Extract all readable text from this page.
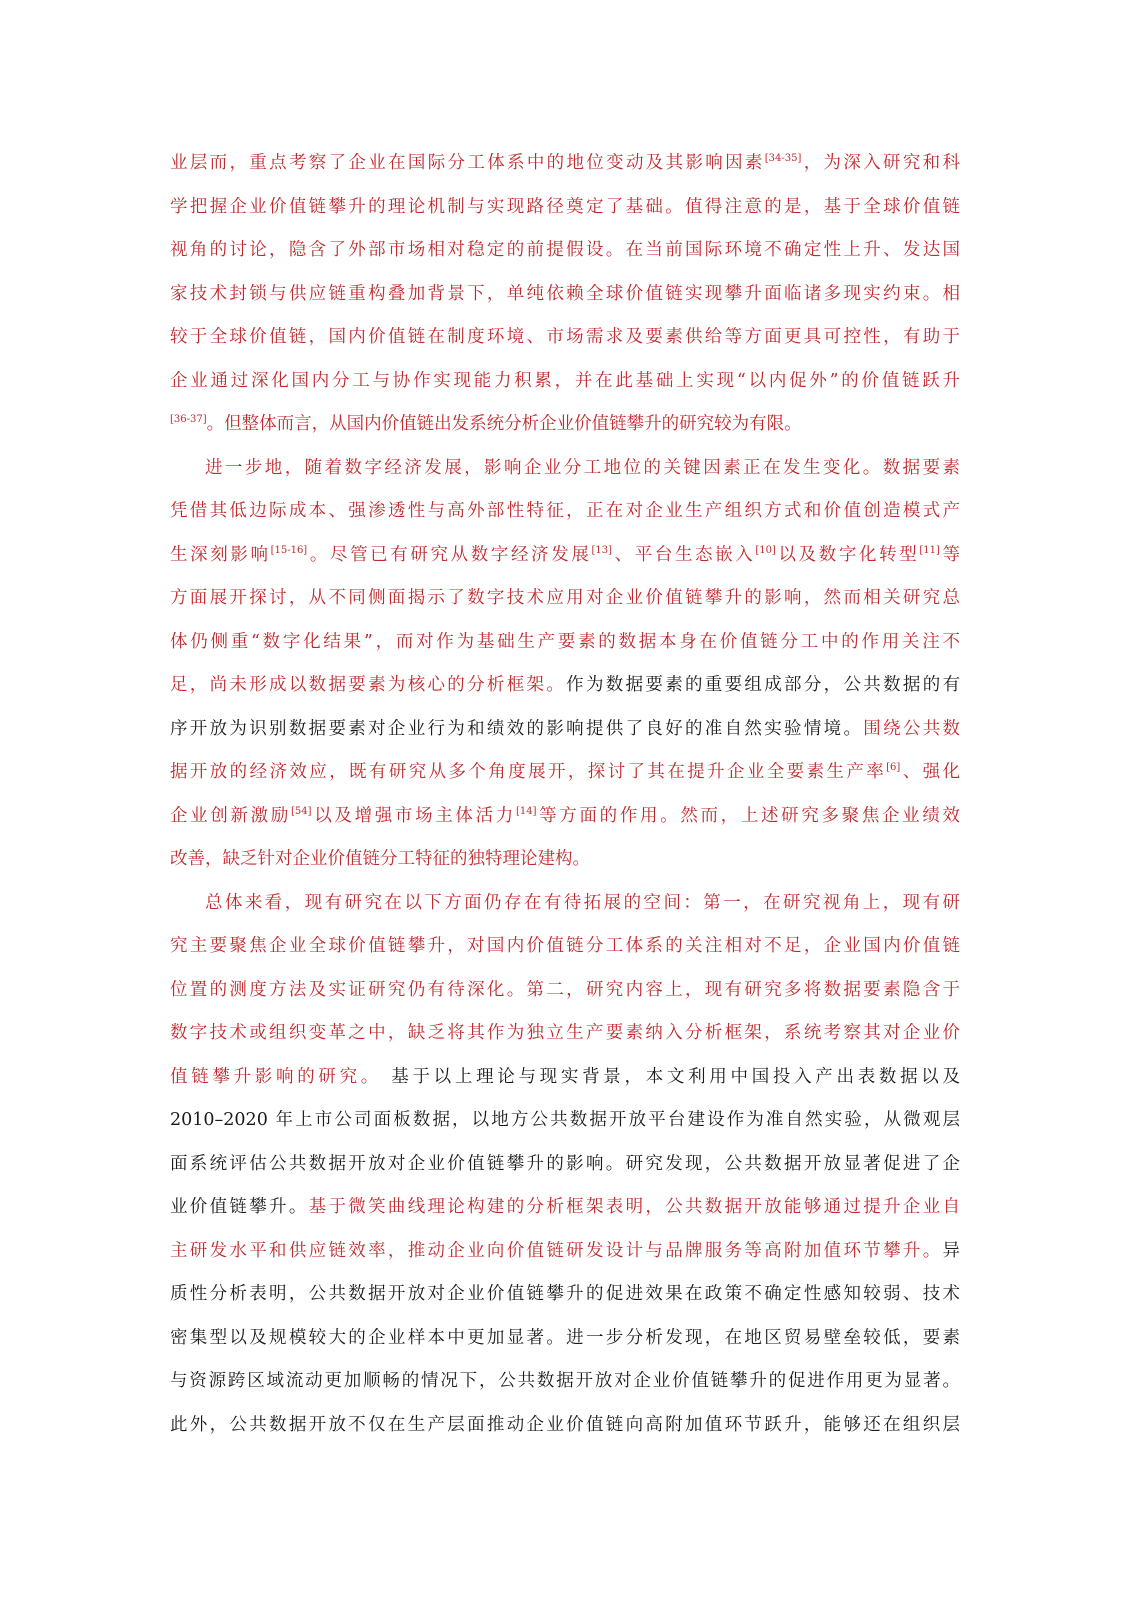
业层而，重点考察了企业在国际分工体系中的地位变动及其影响因素[34-35]，为深入研究和科
学把握企业价值链攀升的理论机制与实现路径奠定了基础。值得注意的是，基于全球价值链
视角的讨论，隐含了外部市场相对稳定的前提假设。在当前国际环境不确定性上升、发达国
家技术封锁与供应链重构叠加背景下，单纯依赖全球价值链实现攀升面临诸多现实约束。相
较于全球价值链，国内价值链在制度环境、市场需求及要素供给等方面更具可控性，有助于
企业通过深化国内分工与协作实现能力积累，并在此基础上实现“以内促外”的价值链跃升
[36-37]。但整体而言，从国内价值链出发系统分析企业价值链攀升的研究较为有限。
进一步地，随着数字经济发展，影响企业分工地位的关键因素正在发生变化。数据要素
凭借其低边际成本、强渗透性与高外部性特征，正在对企业生产组织方式和价值创造模式产
生深刻影响[15-16]。尽管已有研究从数字经济发展[13]、平台生态嵌入[10]以及数字化转型[11]等
方面展开探讨，从不同侧面揭示了数字技术应用对企业价值链攀升的影响，然而相关研究总
体仍侧重“数字化结果”，而对作为基础生产要素的数据本身在价值链分工中的作用关注不
足，尚未形成以数据要素为核心的分析框架。作为数据要素的重要组成部分，公共数据的有
序开放为识别数据要素对企业行为和绩效的影响提供了良好的准自然实验情境。围绕公共数
据开放的经济效应，既有研究从多个角度展开，探讨了其在提升企业全要素生产率[6]、强化
企业创新激励[54]以及增强市场主体活力[14]等方面的作用。然而，上述研究多聚焦企业绩效
改善，缺乏针对企业价值链分工特征的独特理论建构。
总体来看，现有研究在以下方面仍存在有待拓展的空间：第一，在研究视角上，现有研
究主要聚焦企业全球价值链攀升，对国内价值链分工体系的关注相对不足，企业国内价值链
位置的测度方法及实证研究仍有待深化。第二，研究内容上，现有研究多将数据要素隐含于
数字技术或组织变革之中，缺乏将其作为独立生产要素纳入分析框架，系统考察其对企业价
值链攀升影响的研究。 基于以上理论与现实背景，本文利用中国投入产出表数据以及
2010–2020 年上市公司面板数据，以地方公共数据开放平台建设作为准自然实验，从微观层
面系统评估公共数据开放对企业价值链攀升的影响。研究发现，公共数据开放显著促进了企
业价值链攀升。基于微笑曲线理论构建的分析框架表明，公共数据开放能够通过提升企业自
主研发水平和供应链效率，推动企业向价值链研发设计与品牌服务等高附加值环节攀升。异
质性分析表明，公共数据开放对企业价值链攀升的促进效果在政策不确定性感知较弱、技术
密集型以及规模较大的企业样本中更加显著。进一步分析发现，在地区贸易壁垒较低，要素
与资源跨区域流动更加顺畅的情况下，公共数据开放对企业价值链攀升的促进作用更为显著。
此外，公共数据开放不仅在生产层面推动企业价值链向高附加值环节跃升，能够还在组织层
